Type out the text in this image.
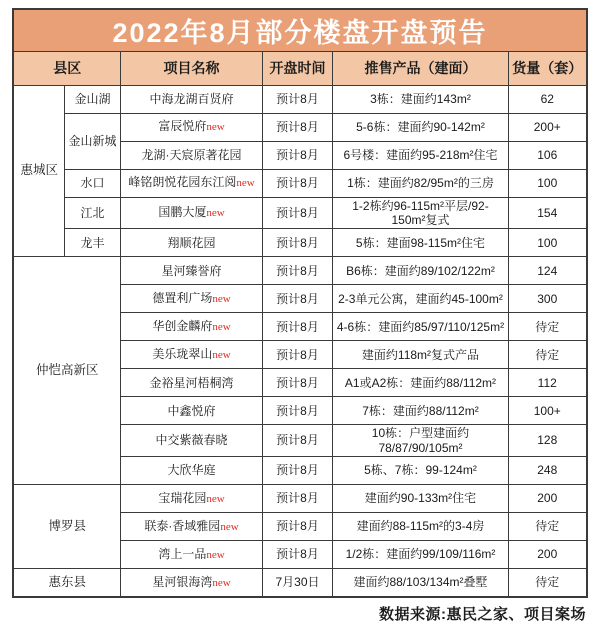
2022年8月部分楼盘开盘预告					
县区		项目名称	开盘时间	推售产品（建面）	货量（套）
惠城区	金山湖	中海龙湖百贤府	预计8月	3栋：建面约143m²	62
	金山新城	富辰悦府new	预计8月	5-6栋：建面约90-142m²	200+
		龙湖·天宸原著花园	预计8月	6号楼：建面约95-218m²住宅	106
	水口	峰铭朗悦花园东江阅new	预计8月	1栋：建面约82/95m²的三房	100
	江北	国鹏大厦new	预计8月	1-2栋约96-115m²平层/92-150m²复式	154
	龙丰	翔顺花园	预计8月	5栋：建面98-115m²住宅	100
仲恺高新区		星河臻誉府	预计8月	B6栋：建面约89/102/122m²	124
		德置利广场new	预计8月	2-3单元公寓，建面约45-100m²	300
		华创金麟府new	预计8月	4-6栋：建面约85/97/110/125m²	待定
		美乐珑翠山new	预计8月	建面约118m²复式产品	待定
		金裕星河梧桐湾	预计8月	A1或A2栋：建面约88/112m²	112
		中鑫悦府	预计8月	7栋：建面约88/112m²	100+
		中交紫薇春晓	预计8月	10栋：户型建面约78/87/90/105m²	128
		大欣华庭	预计8月	5栋、7栋：99-124m²	248
博罗县		宝瑞花园new	预计8月	建面约90-133m²住宅	200
		联泰·香域雅园new	预计8月	建面约88-115m²的3-4房	待定
		湾上一品new	预计8月	1/2栋：建面约99/109/116m²	200
惠东县		星河银海湾new	7月30日	建面约88/103/134m²叠墅	待定
数据来源:惠民之家、项目案场
